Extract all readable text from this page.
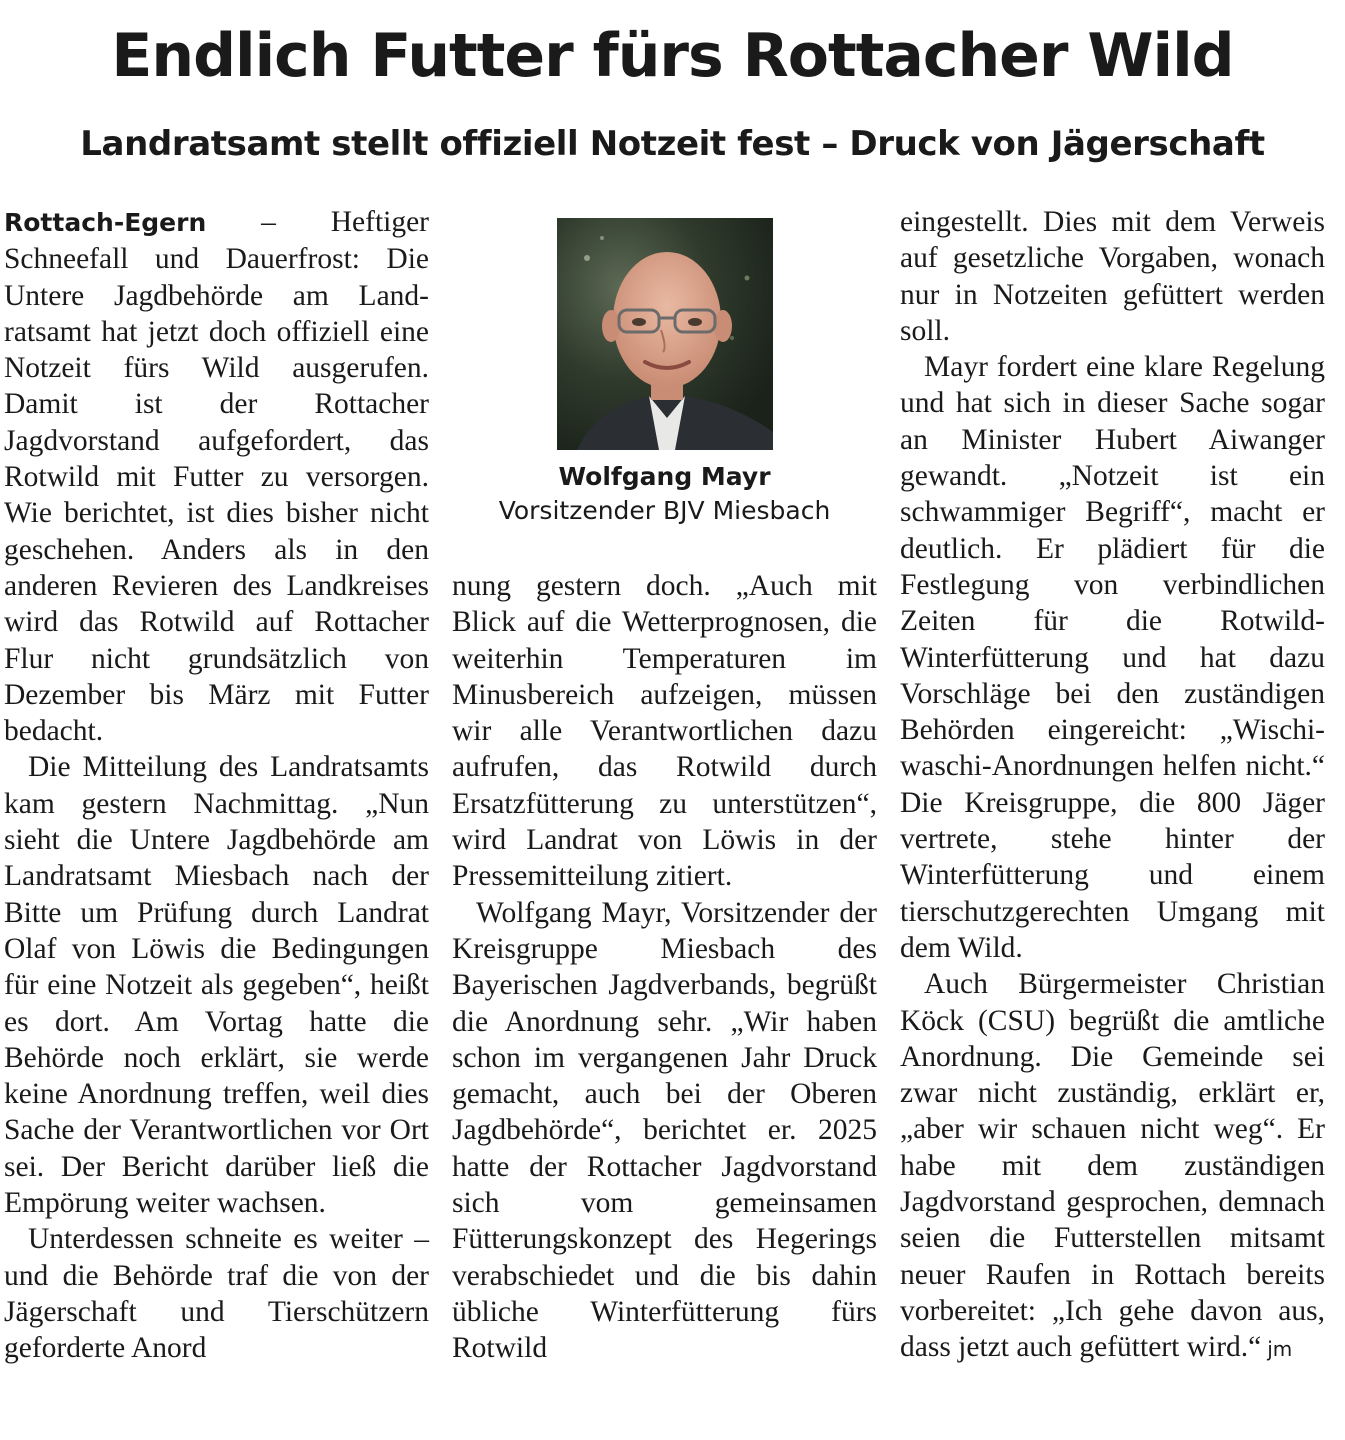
Endlich Futter fürs Rottacher Wild
Landratsamt stellt offiziell Notzeit fest – Druck von Jägerschaft

Rottach-Egern – Heftiger Schneefall und Dauerfrost: Die Untere Jagdbehörde am Landratsamt hat jetzt doch offiziell eine Notzeit fürs Wild ausgerufen. Damit ist der Rottacher Jagdvorstand aufgefordert, das Rotwild mit Futter zu versorgen. Wie berichtet, ist dies bisher nicht geschehen. Anders als in den anderen Revieren des Landkreises wird das Rotwild auf Rottacher Flur nicht grundsätzlich von Dezember bis März mit Futter bedacht.

Die Mitteilung des Landratsamts kam gestern Nachmittag. „Nun sieht die Untere Jagdbehörde am Landratsamt Miesbach nach der Bitte um Prüfung durch Landrat Olaf von Löwis die Bedingungen für eine Notzeit als gegeben“, heißt es dort. Am Vortag hatte die Behörde noch erklärt, sie werde keine Anordnung treffen, weil dies Sache der Verantwortlichen vor Ort sei. Der Bericht darüber ließ die Empörung weiter wachsen.

Unterdessen schneite es weiter – und die Behörde traf die von der Jägerschaft und Tierschützern geforderte Anord

Wolfgang Mayr
Vorsitzender BJV Miesbach

nung gestern doch. „Auch mit Blick auf die Wetterprognosen, die weiterhin Temperaturen im Minusbereich aufzeigen, müssen wir alle Verantwortlichen dazu aufrufen, das Rotwild durch Ersatzfütterung zu unterstützen“, wird Landrat von Löwis in der Pressemitteilung zitiert.

Wolfgang Mayr, Vorsitzender der Kreisgruppe Miesbach des Bayerischen Jagdverbands, begrüßt die Anordnung sehr. „Wir haben schon im vergangenen Jahr Druck gemacht, auch bei der Oberen Jagdbehörde“, berichtet er. 2025 hatte der Rottacher Jagdvorstand sich vom gemeinsamen Fütterungskonzept des Hegerings verabschiedet und die bis dahin übliche Winterfütterung fürs Rotwild

eingestellt. Dies mit dem Verweis auf gesetzliche Vorgaben, wonach nur in Notzeiten gefüttert werden soll.

Mayr fordert eine klare Regelung und hat sich in dieser Sache sogar an Minister Hubert Aiwanger gewandt. „Notzeit ist ein schwammiger Begriff“, macht er deutlich. Er plädiert für die Festlegung von verbindlichen Zeiten für die Rotwild-Winterfütterung und hat dazu Vorschläge bei den zuständigen Behörden eingereicht: „Wischiwaschi-Anordnungen helfen nicht.“ Die Kreisgruppe, die 800 Jäger vertrete, stehe hinter der Winterfütterung und einem tierschutzgerechten Umgang mit dem Wild.

Auch Bürgermeister Christian Köck (CSU) begrüßt die amtliche Anordnung. Die Gemeinde sei zwar nicht zuständig, erklärt er, „aber wir schauen nicht weg“. Er habe mit dem zuständigen Jagdvorstand gesprochen, demnach seien die Futterstellen mitsamt neuer Raufen in Rottach bereits vorbereitet: „Ich gehe davon aus, dass jetzt auch gefüttert wird.“ jm
